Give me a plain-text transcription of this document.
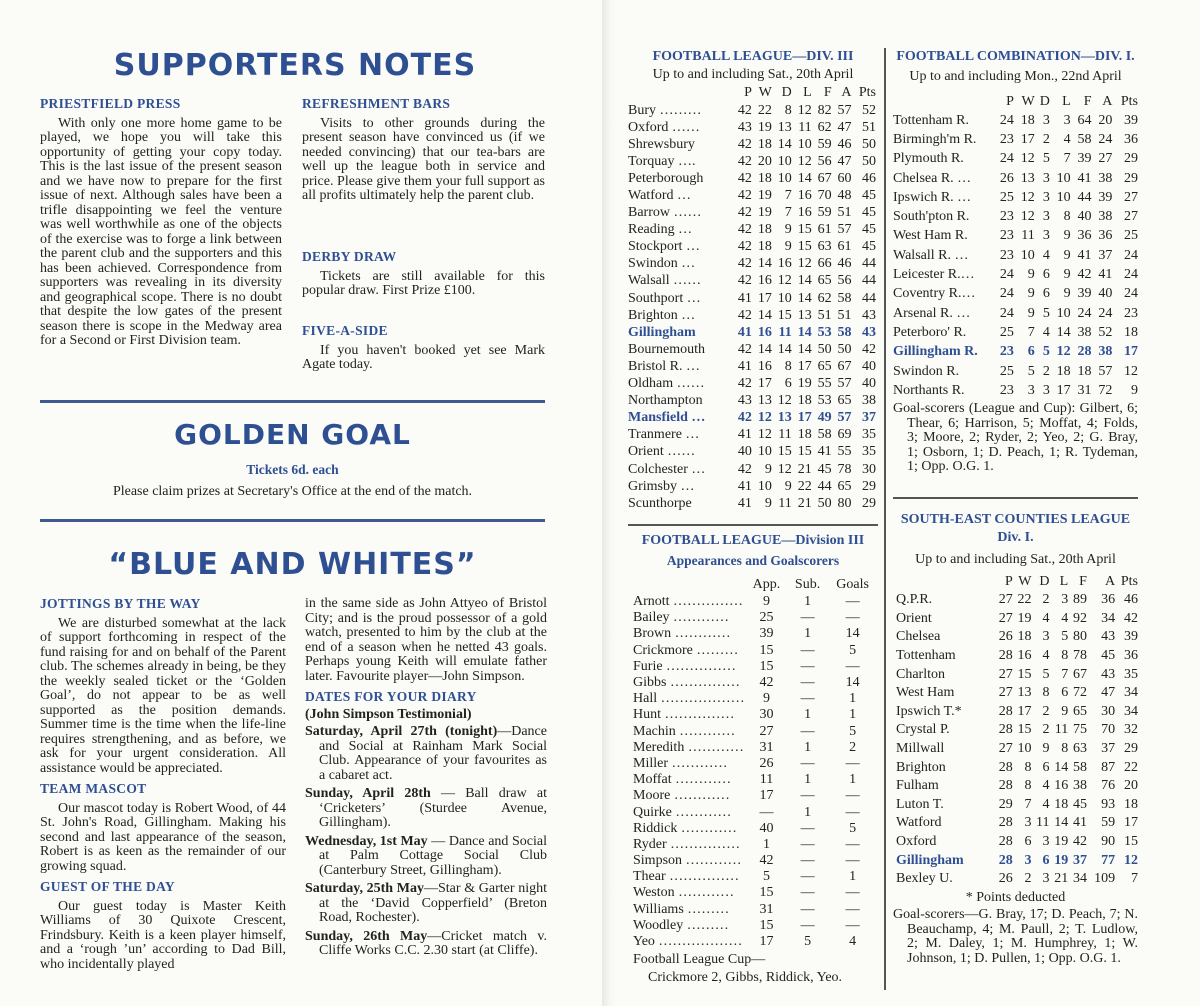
SUPPORTERS NOTES
PRIESTFIELD PRESS

With only one more home game to be played, we hope you will take this opportunity of getting your copy today. This is the last issue of the present season and we have now to prepare for the first issue of next. Although sales have been a trifle disappointing we feel the venture was well worthwhile as one of the objects of the exercise was to forge a link between the parent club and the supporters and this has been achieved. Correspondence from supporters was revealing in its diversity and geographical scope. There is no doubt that despite the low gates of the present season there is scope in the Medway area for a Second or First Division team.

REFRESHMENT BARS

Visits to other grounds during the present season have convinced us (if we needed convincing) that our tea-bars are well up the league both in service and price. Please give them your full support as all profits ultimately help the parent club.

DERBY DRAW

Tickets are still available for this popular draw. First Prize £100.

FIVE-A-SIDE

If you haven't booked yet see Mark Agate today.

GOLDEN GOAL
Tickets 6d. each
Please claim prizes at Secretary's Office at the end of the match.
“BLUE AND WHITES”
JOTTINGS BY THE WAY

We are disturbed somewhat at the lack of support forthcoming in respect of the fund raising for and on behalf of the Parent club. The schemes already in being, be they the weekly sealed ticket or the ‘Golden Goal’, do not appear to be as well supported as the position demands. Summer time is the time when the life-line requires strengthening, and as before, we ask for your urgent consideration. All assistance would be appreciated.

TEAM MASCOT

Our mascot today is Robert Wood, of 44 St. John's Road, Gillingham. Making his second and last appearance of the season, Robert is as keen as the remainder of our growing squad.

GUEST OF THE DAY

Our guest today is Master Keith Williams of 30 Quixote Crescent, Frindsbury. Keith is a keen player himself, and a ‘rough ’un’ according to Dad Bill, who incidentally played

in the same side as John Attyeo of Bristol City; and is the proud possessor of a gold watch, presented to him by the club at the end of a season when he netted 43 goals. Perhaps young Keith will emulate father later. Favourite player—John Simpson.

DATES FOR YOUR DIARY

(John Simpson Testimonial)

Saturday, April 27th (tonight)—Dance and Social at Rainham Mark Social Club. Appearance of your favourites as a cabaret act.
Sunday, April 28th — Ball draw at ‘Cricketers’ (Sturdee Avenue, Gillingham).
Wednesday, 1st May — Dance and Social at Palm Cottage Social Club (Canterbury Street, Gillingham).
Saturday, 25th May—Star & Garter night at the ‘David Copperfield’ (Breton Road, Rochester).
Sunday, 26th May—Cricket match v. Cliffe Works C.C. 2.30 start (at Cliffe).
FOOTBALL LEAGUE—DIV. III
Up to and including Sat., 20th April
	P	W	D	L	F	A	Pts
Bury ………	42	22	8	12	82	57	52
Oxford ……	43	19	13	11	62	47	51
Shrewsbury	42	18	14	10	59	46	50
Torquay ….	42	20	10	12	56	47	50
Peterborough	42	18	10	14	67	60	46
Watford …	42	19	7	16	70	48	45
Barrow ……	42	19	7	16	59	51	45
Reading …	42	18	9	15	61	57	45
Stockport …	42	18	9	15	63	61	45
Swindon …	42	14	16	12	66	46	44
Walsall ……	42	16	12	14	65	56	44
Southport …	41	17	10	14	62	58	44
Brighton …	42	14	15	13	51	51	43
Gillingham	41	16	11	14	53	58	43
Bournemouth	42	14	14	14	50	50	42
Bristol R. …	41	16	8	17	65	67	40
Oldham ……	42	17	6	19	55	57	40
Northampton	43	13	12	18	53	65	38
Mansfield …	42	12	13	17	49	57	37
Tranmere …	41	12	11	18	58	69	35
Orient ……	40	10	15	15	41	55	35
Colchester …	42	9	12	21	45	78	30
Grimsby …	41	10	9	22	44	65	29
Scunthorpe	41	9	11	21	50	80	29
FOOTBALL LEAGUE—Division III
Appearances and Goalscorers
	App.	Sub.	Goals
Arnott ……………	9	1	—
Bailey …………	25	—	—
Brown …………	39	1	14
Crickmore ………	15	—	5
Furie ……………	15	—	—
Gibbs ……………	42	—	14
Hall ………………	9	—	1
Hunt ……………	30	1	1
Machin …………	27	—	5
Meredith …………	31	1	2
Miller …………	26	—	—
Moffat …………	11	1	1
Moore …………	17	—	—
Quirke …………	—	1	—
Riddick …………	40	—	5
Ryder ……………	1	—	—
Simpson …………	42	—	—
Thear ……………	5	—	1
Weston …………	15	—	—
Williams ………	31	—	—
Woodley ………	15	—	—
Yeo ………………	17	5	4
Football League Cup—
Crickmore 2, Gibbs, Riddick, Yeo.
FOOTBALL COMBINATION—DIV. I.
Up to and including Mon., 22nd April
	P	W	D	L	F	A	Pts
Tottenham R.	24	18	3	3	64	20	39
Birmingh'm R.	23	17	2	4	58	24	36
Plymouth R.	24	12	5	7	39	27	29
Chelsea R. …	26	13	3	10	41	38	29
Ipswich R. …	25	12	3	10	44	39	27
South'pton R.	23	12	3	8	40	38	27
West Ham R.	23	11	3	9	36	36	25
Walsall R. …	23	10	4	9	41	37	24
Leicester R.…	24	9	6	9	42	41	24
Coventry R.…	24	9	6	9	39	40	24
Arsenal R. …	24	9	5	10	24	24	23
Peterboro' R.	25	7	4	14	38	52	18
Gillingham R.	23	6	5	12	28	38	17
Swindon R.	25	5	2	18	18	57	12
Northants R.	23	3	3	17	31	72	9

Goal-scorers (League and Cup): Gilbert, 6; Thear, 6; Harrison, 5; Moffat, 4; Folds, 3; Moore, 2; Ryder, 2; Yeo, 2; G. Bray, 1; Osborn, 1; D. Peach, 1; R. Tydeman, 1; Opp. O.G. 1.

SOUTH-EAST COUNTIES LEAGUE
Div. I.
Up to and including Sat., 20th April
	P	W	D	L	F	A	Pts
Q.P.R.	27	22	2	3	89	36	46
Orient	27	19	4	4	92	34	42
Chelsea	26	18	3	5	80	43	39
Tottenham	28	16	4	8	78	45	36
Charlton	27	15	5	7	67	43	35
West Ham	27	13	8	6	72	47	34
Ipswich T.*	28	17	2	9	65	30	34
Crystal P.	28	15	2	11	75	70	32
Millwall	27	10	9	8	63	37	29
Brighton	28	8	6	14	58	87	22
Fulham	28	8	4	16	38	76	20
Luton T.	29	7	4	18	45	93	18
Watford	28	3	11	14	41	59	17
Oxford	28	6	3	19	42	90	15
Gillingham	28	3	6	19	37	77	12
Bexley U.	26	2	3	21	34	109	7
* Points deducted

Goal-scorers—G. Bray, 17; D. Peach, 7; N. Beauchamp, 4; M. Paull, 2; T. Ludlow, 2; M. Daley, 1; M. Humphrey, 1; W. Johnson, 1; D. Pullen, 1; Opp. O.G. 1.
